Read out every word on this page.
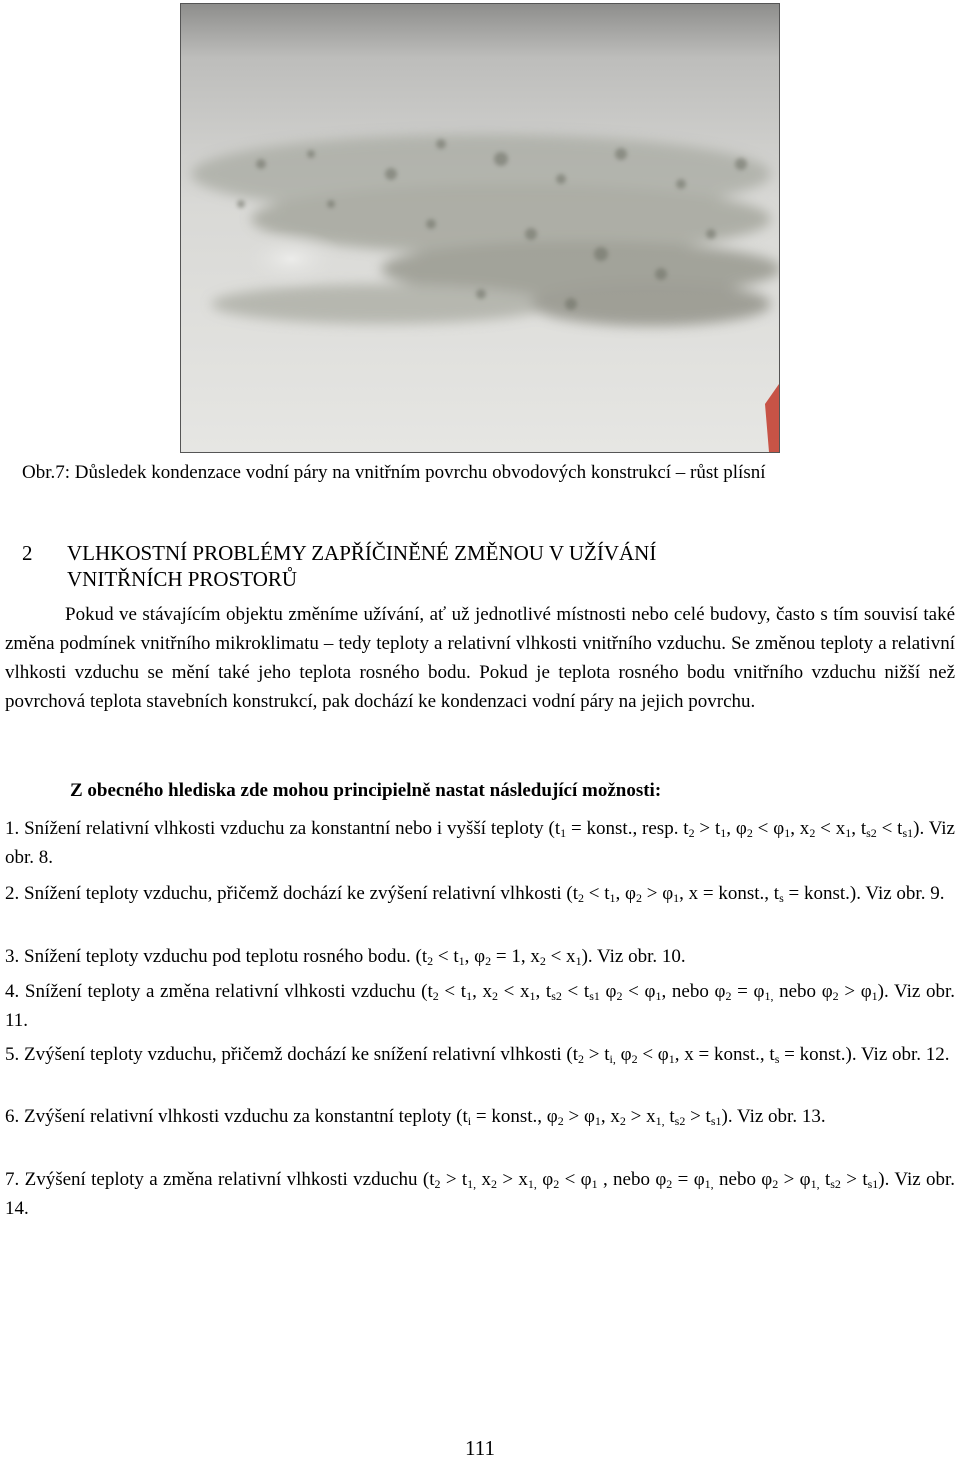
Obr.7: Důsledek kondenzace vodní páry na vnitřním povrchu obvodových konstrukcí – růst plísní
2 VLHKOSTNÍ PROBLÉMY ZAPŘÍČINĚNÉ ZMĚNOU V UŽÍVÁNÍ
VNITŘNÍCH PROSTORŮ

Pokud ve stávajícím objektu změníme užívání, ať už jednotlivé místnosti nebo celé budovy, často s tím souvisí také změna podmínek vnitřního mikroklimatu – tedy teploty a relativní vlhkosti vnitřního vzduchu. Se změnou teploty a relativní vlhkosti vzduchu se mění také jeho teplota rosného bodu. Pokud je teplota rosného bodu vnitřního vzduchu nižší než povrchová teplota stavebních konstrukcí, pak dochází ke kondenzaci vodní páry na jejich povrchu.

Z obecného hlediska zde mohou principielně nastat následující možnosti:
1. Snížení relativní vlhkosti vzduchu za konstantní nebo i vyšší teploty ($t_1$ = konst., resp. $t_2 > t_1$, $\varphi_2 < \varphi_1$, $x_2 < x_1$, $t_{s2} < t_{s1}$). Viz obr. 8.
2. Snížení teploty vzduchu, přičemž dochází ke zvýšení relativní vlhkosti ($t_2 < t_1$, $\varphi_2 > \varphi_1$, x = konst., $t_s$ = konst.). Viz obr. 9.
3. Snížení teploty vzduchu pod teplotu rosného bodu. ($t_2 < t_1$, $\varphi_2 = 1$, $x_2 < x_1$). Viz obr. 10.
4. Snížení teploty a změna relativní vlhkosti vzduchu ($t_2 < t_1$, $x_2 < x_1$, $t_{s2} < t_{s1}$ $\varphi_2 < \varphi_1$, nebo $\varphi_2 = \varphi_{1,}$ nebo $\varphi_2 > \varphi_1$). Viz obr. 11.
5. Zvýšení teploty vzduchu, přičemž dochází ke snížení relativní vlhkosti ($t_2 > t_{i,}$ $\varphi_2 < \varphi_1$, x = konst., $t_s$ = konst.). Viz obr. 12.
6. Zvýšení relativní vlhkosti vzduchu za konstantní teploty ($t_i$ = konst., $\varphi_2 > \varphi_1$, $x_2 > x_{1,}$ $t_{s2} > t_{s1}$). Viz obr. 13.
7. Zvýšení teploty a změna relativní vlhkosti vzduchu ($t_2 > t_{1,}$ $x_2 > x_{1,}$ $\varphi_2 < \varphi_1$ , nebo $\varphi_2 = \varphi_{1,}$ nebo $\varphi_2 > \varphi_{1,}$ $t_{s2} > t_{s1}$). Viz obr. 14.
111
